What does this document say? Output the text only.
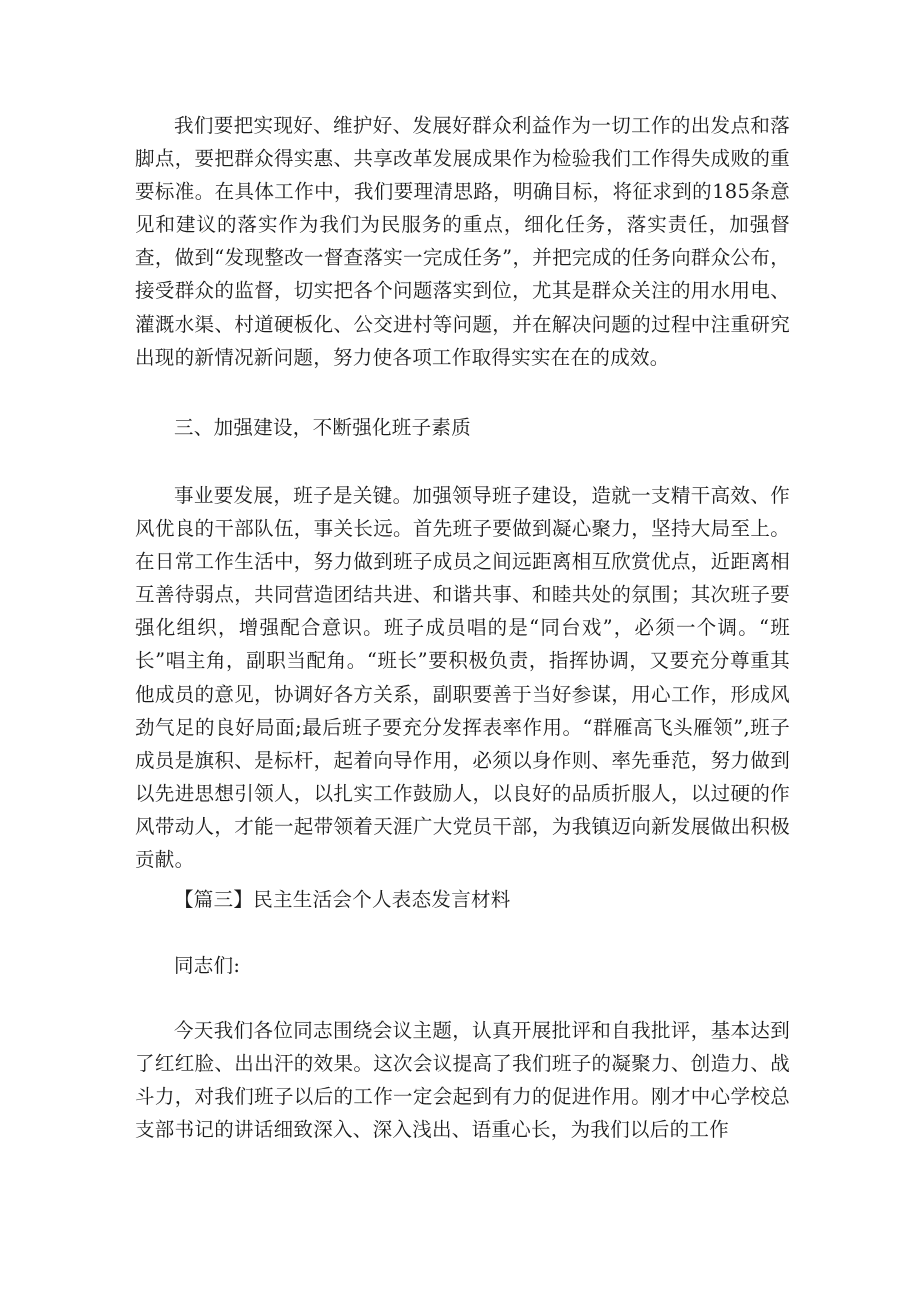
我们要把实现好、维护好、发展好群众利益作为一切工作的出发点和落脚点，要把群众得实惠、共享改革发展成果作为检验我们工作得失成败的重要标准。在具体工作中，我们要理清思路，明确目标，将征求到的185条意见和建议的落实作为我们为民服务的重点，细化任务，落实责任，加强督查，做到“发现整改一督查落实一完成任务”，并把完成的任务向群众公布，接受群众的监督，切实把各个问题落实到位，尤其是群众关注的用水用电、灌溉水渠、村道硬板化、公交进村等问题，并在解决问题的过程中注重研究出现的新情况新问题，努力使各项工作取得实实在在的成效。

三、加强建设，不断强化班子素质

事业要发展，班子是关键。加强领导班子建设，造就一支精干高效、作风优良的干部队伍，事关长远。首先班子要做到凝心聚力，坚持大局至上。在日常工作生活中，努力做到班子成员之间远距离相互欣赏优点，近距离相互善待弱点，共同营造团结共进、和谐共事、和睦共处的氛围；其次班子要强化组织，增强配合意识。班子成员唱的是“同台戏”，必须一个调。“班长”唱主角，副职当配角。“班长”要积极负责，指挥协调，又要充分尊重其他成员的意见，协调好各方关系，副职要善于当好参谋，用心工作，形成风劲气足的良好局面;最后班子要充分发挥表率作用。“群雁高飞头雁领”,班子成员是旗积、是标杆，起着向导作用，必须以身作则、率先垂范，努力做到以先进思想引领人，以扎实工作鼓励人，以良好的品质折服人，以过硬的作风带动人，才能一起带领着天涯广大党员干部，为我镇迈向新发展做出积极贡献。

【篇三】民主生活会个人表态发言材料

同志们:

今天我们各位同志围绕会议主题，认真开展批评和自我批评，基本达到了红红脸、出出汗的效果。这次会议提高了我们班子的凝聚力、创造力、战斗力，对我们班子以后的工作一定会起到有力的促进作用。刚才中心学校总支部书记的讲话细致深入、深入浅出、语重心长，为我们以后的工作
